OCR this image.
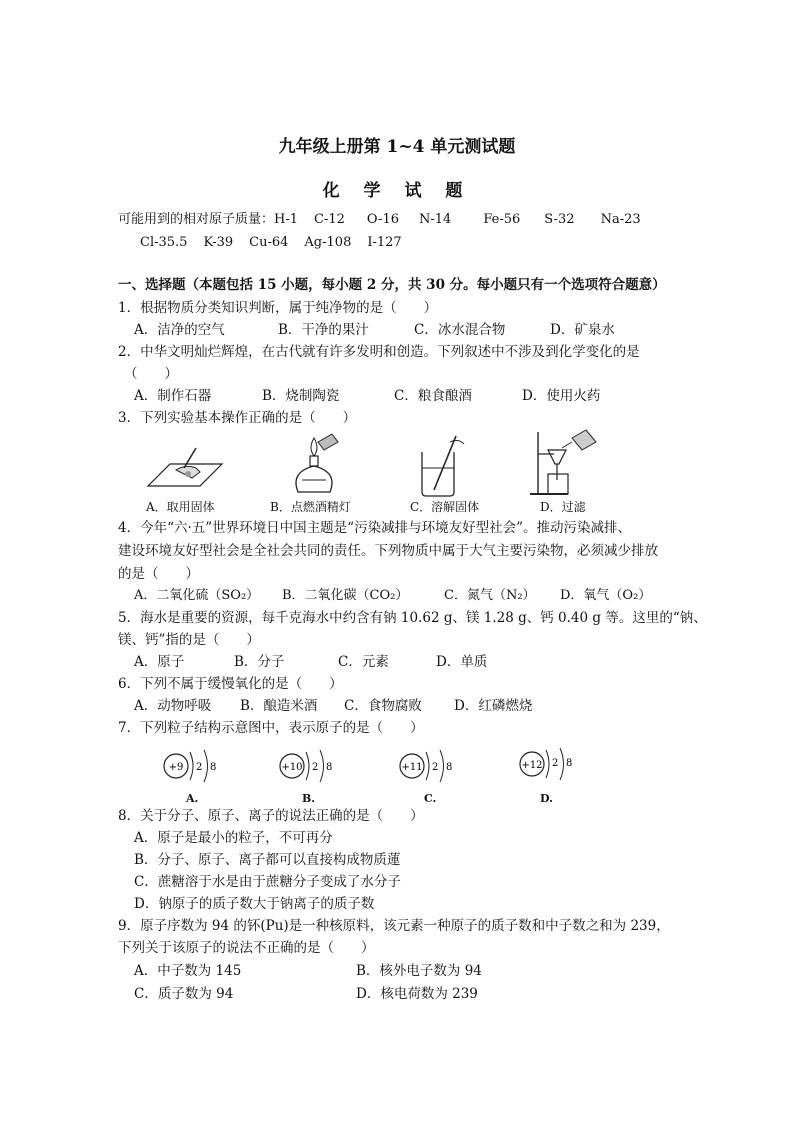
九年级上册第 1~4 单元测试题
化 学 试 题
可能用到的相对原子质量：H-1 C-12 O-16 N-14 Fe-56 S-32 Na-23
Cl-35.5 K-39 Cu-64 Ag-108 I-127
一、选择题（本题包括 15 小题，每小题 2 分，共 30 分。每小题只有一个选项符合题意）
1．根据物质分类知识判断，属于纯净物的是（　　）
A．洁净的空气	B．干净的果汁	C．冰水混合物	D．矿泉水
2．中华文明灿烂辉煌，在古代就有许多发明和创造。下列叙述中不涉及到化学变化的是
（　　）
A．制作石器	B．烧制陶瓷	C．粮食酿酒	D．使用火药
3．下列实验基本操作正确的是（　　）
A．取用固体	B．点燃酒精灯	C．溶解固体	D．过滤
4．今年“六·五”世界环境日中国主题是“污染减排与环境友好型社会”。推动污染减排、
建设环境友好型社会是全社会共同的责任。下列物质中属于大气主要污染物，必须减少排放
的是（　　）
A．二氧化硫（SO₂） B．二氧化碳（CO₂）	C．氮气（N₂） D．氧气（O₂）
5．海水是重要的资源，每千克海水中约含有钠 10.62 g、镁 1.28 g、钙 0.40 g 等。这里的“钠、
镁、钙”指的是（　　）
A．原子	B．分子	C．元素	D．单质
6．下列不属于缓慢氧化的是（　　）
A．动物呼吸 B．酿造米酒 C．食物腐败 D．红磷燃烧
7．下列粒子结构示意图中，表示原子的是（　　）
+9 2 8
A.
+10 2 8
B.
+11 2 8
C.
+12 2 8
D.
8．关于分子、原子、离子的说法正确的是（　　）
A．原子是最小的粒子，不可再分
B．分子、原子、离子都可以直接构成物质蓮
C．蔗糖溶于水是由于蔗糖分子变成了水分子
D．钠原子的质子数大于钠离子的质子数
9．原子序数为 94 的钚(Pu)是一种核原料，该元素一种原子的质子数和中子数之和为 239，
下列关于该原子的说法不正确的是（　　）
A．中子数为 145	B．核外电子数为 94
C．质子数为 94	D．核电荷数为 239
